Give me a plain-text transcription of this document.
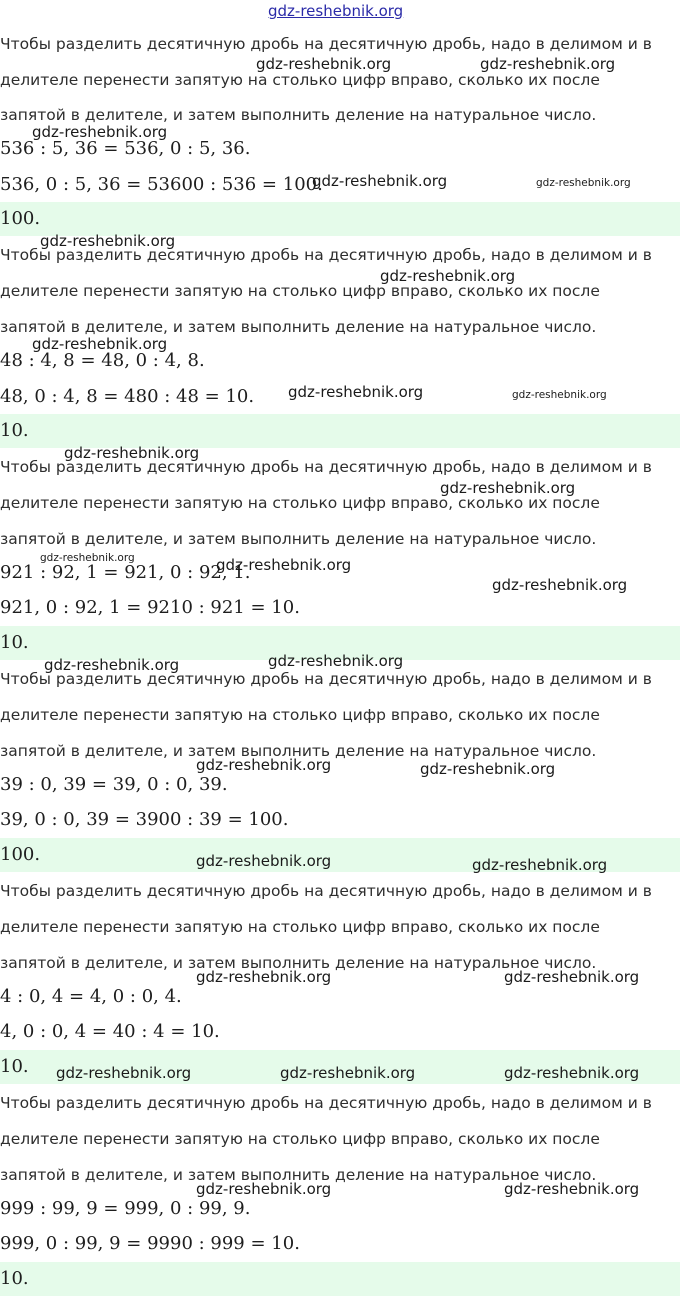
gdz-reshebnik.org
Чтобы разделить десятичную дробь на десятичную дробь, надо в делимом и в
делителе перенести запятую на столько цифр вправо, сколько их после
запятой в делителе, и затем выполнить деление на натуральное число.
536 : 5, 36 = 536, 0 : 5, 36.
536, 0 : 5, 36 = 53600 : 536 = 100.
100.
Чтобы разделить десятичную дробь на десятичную дробь, надо в делимом и в
делителе перенести запятую на столько цифр вправо, сколько их после
запятой в делителе, и затем выполнить деление на натуральное число.
48 : 4, 8 = 48, 0 : 4, 8.
48, 0 : 4, 8 = 480 : 48 = 10.
10.
Чтобы разделить десятичную дробь на десятичную дробь, надо в делимом и в
делителе перенести запятую на столько цифр вправо, сколько их после
запятой в делителе, и затем выполнить деление на натуральное число.
921 : 92, 1 = 921, 0 : 92, 1.
921, 0 : 92, 1 = 9210 : 921 = 10.
10.
Чтобы разделить десятичную дробь на десятичную дробь, надо в делимом и в
делителе перенести запятую на столько цифр вправо, сколько их после
запятой в делителе, и затем выполнить деление на натуральное число.
39 : 0, 39 = 39, 0 : 0, 39.
39, 0 : 0, 39 = 3900 : 39 = 100.
100.
Чтобы разделить десятичную дробь на десятичную дробь, надо в делимом и в
делителе перенести запятую на столько цифр вправо, сколько их после
запятой в делителе, и затем выполнить деление на натуральное число.
4 : 0, 4 = 4, 0 : 0, 4.
4, 0 : 0, 4 = 40 : 4 = 10.
10.
Чтобы разделить десятичную дробь на десятичную дробь, надо в делимом и в
делителе перенести запятую на столько цифр вправо, сколько их после
запятой в делителе, и затем выполнить деление на натуральное число.
999 : 99, 9 = 999, 0 : 99, 9.
999, 0 : 99, 9 = 9990 : 999 = 10.
10.
gdz-reshebnik.org	gdz-reshebnik.org
gdz-reshebnik.org
gdz-reshebnik.org	gdz-reshebnik.org
gdz-reshebnik.org
gdz-reshebnik.org
gdz-reshebnik.org
gdz-reshebnik.org	gdz-reshebnik.org
gdz-reshebnik.org
gdz-reshebnik.org
gdz-reshebnik.org	gdz-reshebnik.org
gdz-reshebnik.org
gdz-reshebnik.org	gdz-reshebnik.org
gdz-reshebnik.org	gdz-reshebnik.org
gdz-reshebnik.org	gdz-reshebnik.org
gdz-reshebnik.org	gdz-reshebnik.org
gdz-reshebnik.org	gdz-reshebnik.org	gdz-reshebnik.org
gdz-reshebnik.org	gdz-reshebnik.org
